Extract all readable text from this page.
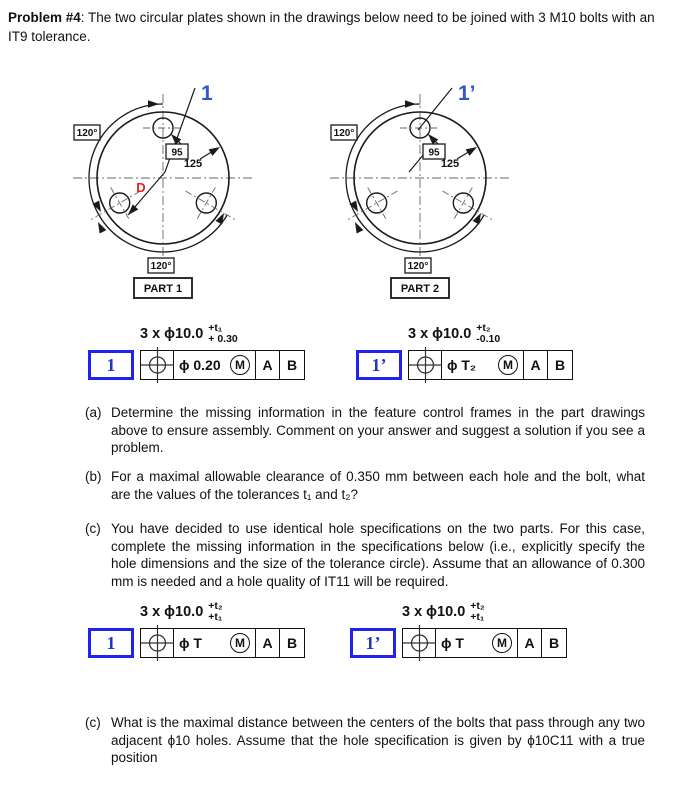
Problem #4: The two circular plates shown in the drawings below need to be joined with 3 M10 bolts with an IT9 tolerance.
120°
120°
95
125
D
1
PART 1
120°
120°
95
125
1’
PART 2
3 x ϕ10.0 +t₁
+ 0.30
1	ϕ 0.20	M	A	B
3 x ϕ10.0 +t₂
-0.10
1’	ϕ T₂	M	A	B
(a) Determine the missing information in the feature control frames in the part drawings above to ensure assembly. Comment on your answer and suggest a solution if you see a problem.
(b) For a maximal allowable clearance of 0.350 mm between each hole and the bolt, what are the values of the tolerances t₁ and t₂?
(c) You have decided to use identical hole specifications on the two parts. For this case, complete the missing information in the specifications below (i.e., explicitly specify the hole dimensions and the size of the tolerance circle). Assume that an allowance of 0.300 mm is needed and a hole quality of IT11 will be required.
3 x ϕ10.0 +t₂
+t₁
1	ϕ T	M	A	B
3 x ϕ10.0 +t₂
+t₁
1’	ϕ T	M	A	B
(c) What is the maximal distance between the centers of the bolts that pass through any two adjacent ϕ10 holes. Assume that the hole specification is given by ϕ10C11 with a true position
